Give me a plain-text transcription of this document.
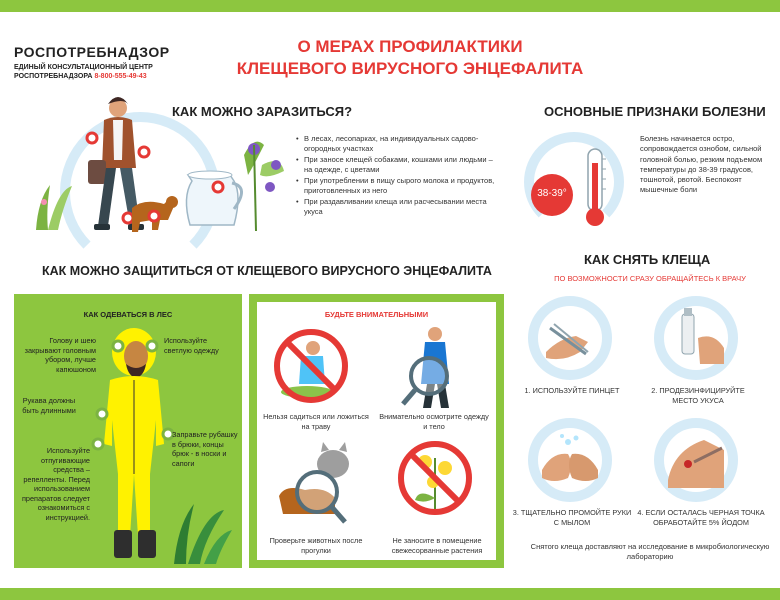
РОСПОТРЕБНАДЗОР
ЕДИНЫЙ КОНСУЛЬТАЦИОННЫЙ ЦЕНТР
РОСПОТРЕБНАДЗОРА 8-800-555-49-43
О МЕРАХ ПРОФИЛАКТИКИ
КЛЕЩЕВОГО ВИРУСНОГО ЭНЦЕФАЛИТА
КАК МОЖНО ЗАРАЗИТЬСЯ?
• В лесах, лесопарках, на индивидуальных садово-огородных участках
• При заносе клещей собаками, кошками или людьми – на одежде, с цветами
• При употреблении в пищу сырого молока и продуктов, приготовленных из него
• При раздавливании клеща или расчесывании места укуса
ОСНОВНЫЕ ПРИЗНАКИ БОЛЕЗНИ
38-39°
Болезнь начинается остро, сопровождается ознобом, сильной головной болью, резким подъемом температуры до 38-39 градусов, тошнотой, рвотой. Беспокоят мышечные боли
КАК МОЖНО ЗАЩИТИТЬСЯ ОТ КЛЕЩЕВОГО ВИРУСНОГО ЭНЦЕФАЛИТА
КАК ОДЕВАТЬСЯ В ЛЕС
Голову и шею закрывают головным убором, лучше капюшоном
Используйте светлую одежду
Рукава должны быть длинными
Заправьте рубашку в брюки, концы брюк - в носки и сапоги
Используйте отпугивающие средства – репелленты. Перед использованием препаратов следует ознакомиться с инструкцией.
БУДЬТЕ ВНИМАТЕЛЬНЫМИ
Нельзя садиться или ложиться на траву
Внимательно осмотрите одежду и тело
Проверьте животных после прогулки
Не заносите в помещение свежесорванные растения
КАК СНЯТЬ КЛЕЩА
ПО ВОЗМОЖНОСТИ СРАЗУ ОБРАЩАЙТЕСЬ К ВРАЧУ
1. ИСПОЛЬЗУЙТЕ ПИНЦЕТ	2. ПРОДЕЗИНФИЦИРУЙТЕ МЕСТО УКУСА
3. ТЩАТЕЛЬНО ПРОМОЙТЕ РУКИ С МЫЛОМ
4. ЕСЛИ ОСТАЛАСЬ ЧЕРНАЯ ТОЧКА ОБРАБОТАЙТЕ 5% ЙОДОМ
Снятого клеща доставляют на исследование в микробиологическую лабораторию
